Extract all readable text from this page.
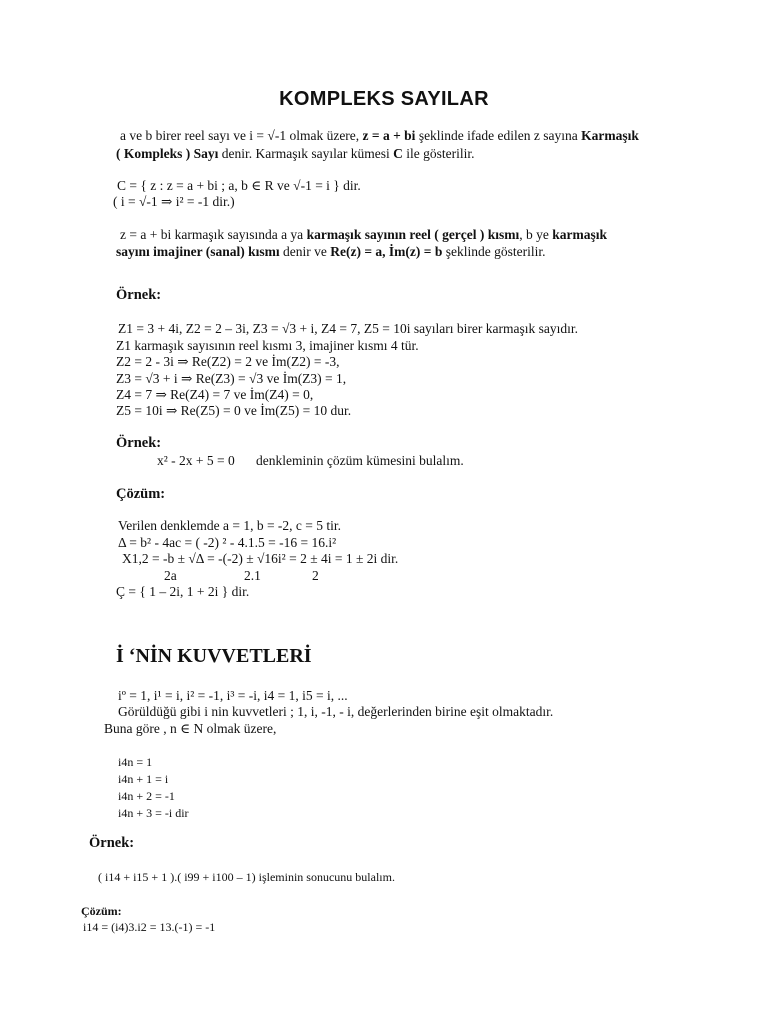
KOMPLEKS SAYILAR
a ve b birer reel sayı ve i = √-1 olmak üzere, z = a + bi şeklinde ifade edilen z sayına Karmaşık
( Kompleks ) Sayı denir. Karmaşık sayılar kümesi C ile gösterilir.
C = { z : z = a + bi ; a, b ∈ R ve √-1 = i } dir.
( i = √-1 ⇒ i² = -1 dir.)
z = a + bi karmaşık sayısında a ya karmaşık sayının reel ( gerçel ) kısmı, b ye karmaşık
sayını imajiner (sanal) kısmı denir ve Re(z) = a, İm(z) = b şeklinde gösterilir.
Örnek:
Z1 = 3 + 4i, Z2 = 2 – 3i, Z3 = √3 + i, Z4 = 7, Z5 = 10i sayıları birer karmaşık sayıdır.
Z1 karmaşık sayısının reel kısmı 3, imajiner kısmı 4 tür.
Z2 = 2 - 3i ⇒ Re(Z2) = 2 ve İm(Z2) = -3,
Z3 = √3 + i ⇒ Re(Z3) = √3 ve İm(Z3) = 1,
Z4 = 7 ⇒ Re(Z4) = 7 ve İm(Z4) = 0,
Z5 = 10i ⇒ Re(Z5) = 0 ve İm(Z5) = 10 dur.
Örnek:
x² - 2x + 5 = 0 denkleminin çözüm kümesini bulalım.
Çözüm:
Verilen denklemde a = 1, b = -2, c = 5 tir.
Δ = b² - 4ac = ( -2) ² - 4.1.5 = -16 = 16.i²
X1,2 = -b ± √Δ = -(-2) ± √16i² = 2 ± 4i = 1 ± 2i dir.
2a	2.1	2
Ç = { 1 – 2i, 1 + 2i } dir.
İ ‘NİN KUVVETLERİ
iº = 1, i¹ = i, i² = -1, i³ = -i, i4 = 1, i5 = i, ...
Görüldüğü gibi i nin kuvvetleri ; 1, i, -1, - i, değerlerinden birine eşit olmaktadır.
Buna göre , n ∈ N olmak üzere,
i4n = 1
i4n + 1 = i
i4n + 2 = -1
i4n + 3 = -i dir
Örnek:
( i14 + i15 + 1 ).( i99 + i100 – 1) işleminin sonucunu bulalım.
Çözüm:
i14 = (i4)3.i2 = 13.(-1) = -1
